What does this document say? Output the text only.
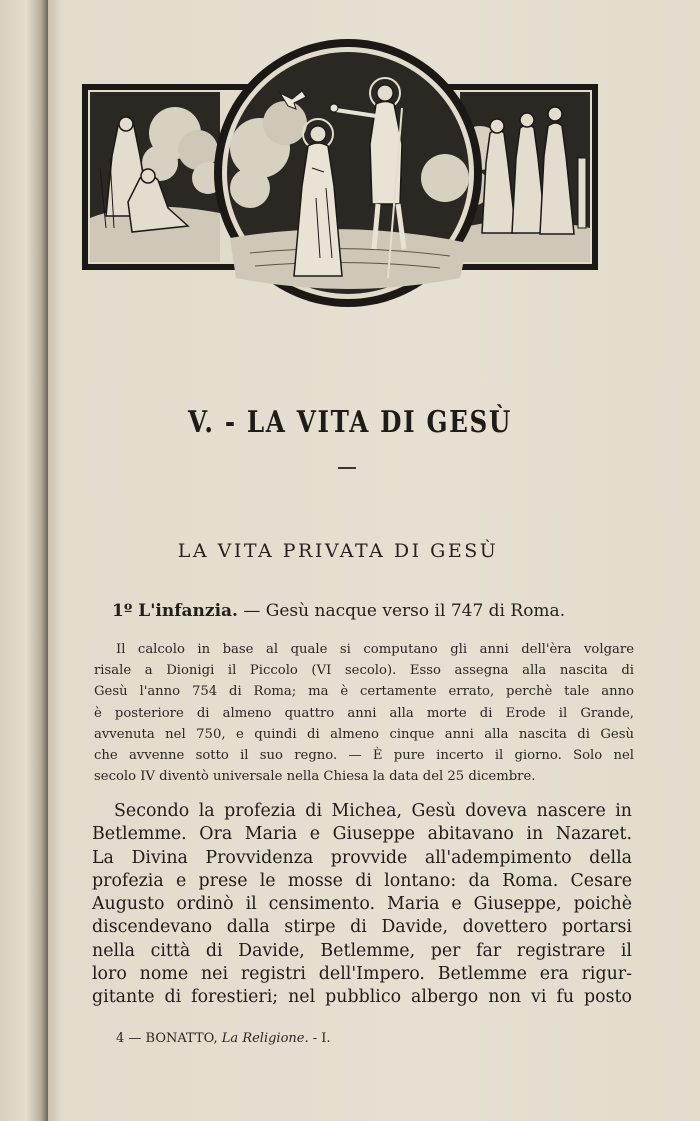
V. - LA VITA DI GESÙ
LA VITA PRIVATA DI GESÙ
1º L'infanzia. — Gesù nacque verso il 747 di Roma.
Il calcolo in base al quale si computano gli anni dell'èra volgare
risale a Dionigi il Piccolo (VI secolo). Esso assegna alla nascita di
Gesù l'anno 754 di Roma; ma è certamente errato, perchè tale anno
è posteriore di almeno quattro anni alla morte di Erode il Grande,
avvenuta nel 750, e quindi di almeno cinque anni alla nascita di Gesù
che avvenne sotto il suo regno. — È pure incerto il giorno. Solo nel
secolo IV diventò universale nella Chiesa la data del 25 dicembre.
Secondo la profezia di Michea, Gesù doveva nascere in
Betlemme. Ora Maria e Giuseppe abitavano in Nazaret.
La Divina Provvidenza provvide all'adempimento della
profezia e prese le mosse di lontano: da Roma. Cesare
Augusto ordinò il censimento. Maria e Giuseppe, poichè
discendevano dalla stirpe di Davide, dovettero portarsi
nella città di Davide, Betlemme, per far registrare il
loro nome nei registri dell'Impero. Betlemme era rigur-
gitante di forestieri; nel pubblico albergo non vi fu posto
4 — BONATTO, La Religione. - I.
